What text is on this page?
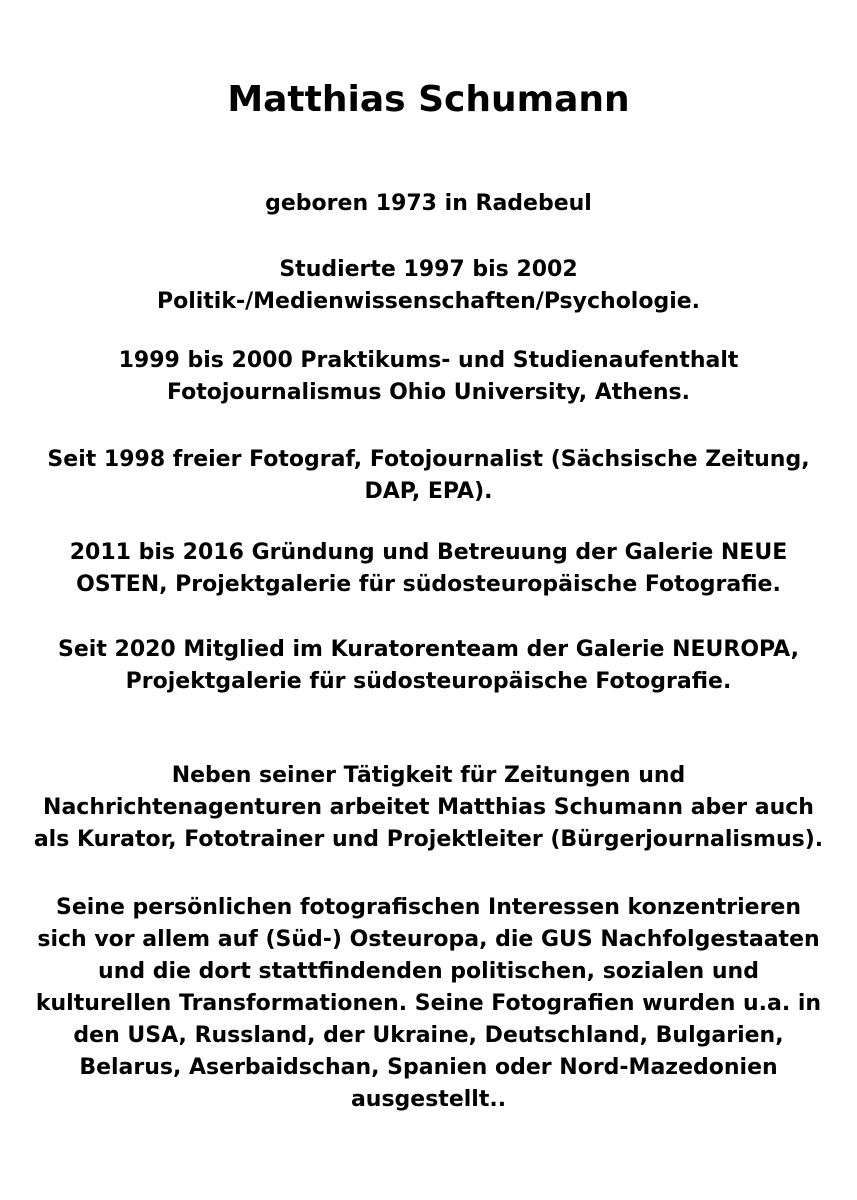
Matthias Schumann
geboren 1973 in Radebeul
Studierte 1997 bis 2002
Politik-/Medienwissenschaften/Psychologie.
1999 bis 2000 Praktikums- und Studienaufenthalt
Fotojournalismus Ohio University, Athens.
Seit 1998 freier Fotograf, Fotojournalist (Sächsische Zeitung,
DAP, EPA).
2011 bis 2016 Gründung und Betreuung der Galerie NEUE
OSTEN, Projektgalerie für südosteuropäische Fotografie.
Seit 2020 Mitglied im Kuratorenteam der Galerie NEUROPA,
Projektgalerie für südosteuropäische Fotografie.
Neben seiner Tätigkeit für Zeitungen und
Nachrichtenagenturen arbeitet Matthias Schumann aber auch
als Kurator, Fototrainer und Projektleiter (Bürgerjournalismus).
Seine persönlichen fotografischen Interessen konzentrieren
sich vor allem auf (Süd-) Osteuropa, die GUS Nachfolgestaaten
und die dort stattfindenden politischen, sozialen und
kulturellen Transformationen. Seine Fotografien wurden u.a. in
den USA, Russland, der Ukraine, Deutschland, Bulgarien,
Belarus, Aserbaidschan, Spanien oder Nord-Mazedonien
ausgestellt..
